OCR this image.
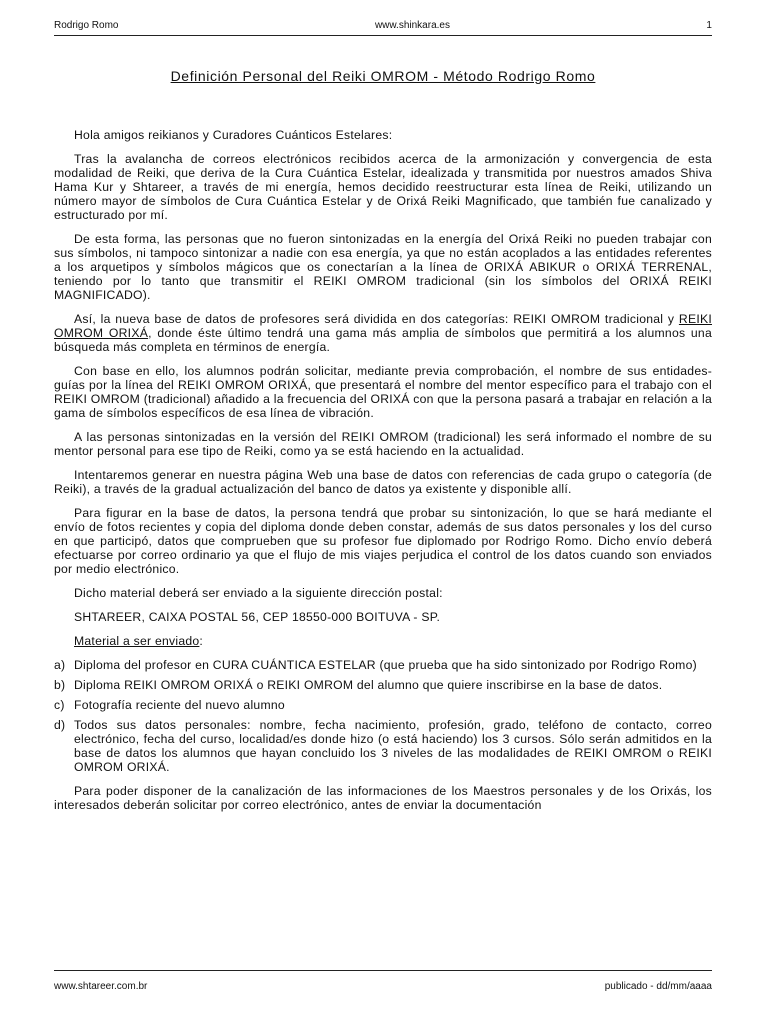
Rodrigo Romo	www.shinkara.es	1
Definición Personal del Reiki OMROM - Método Rodrigo Romo

Hola amigos reikianos y Curadores Cuánticos Estelares:

Tras la avalancha de correos electrónicos recibidos acerca de la armonización y convergencia de esta modalidad de Reiki, que deriva de la Cura Cuántica Estelar, idealizada y transmitida por nuestros amados Shiva Hama Kur y Shtareer, a través de mi energía, hemos decidido reestructurar esta línea de Reiki, utilizando un número mayor de símbolos de Cura Cuántica Estelar y de Orixá Reiki Magnificado, que también fue canalizado y estructurado por mí.

De esta forma, las personas que no fueron sintonizadas en la energía del Orixá Reiki no pueden trabajar con sus símbolos, ni tampoco sintonizar a nadie con esa energía, ya que no están acoplados a las entidades referentes a los arquetipos y símbolos mágicos que os conectarían a la línea de ORIXÁ ABIKUR o ORIXÁ TERRENAL, teniendo por lo tanto que transmitir el REIKI OMROM tradicional (sin los símbolos del ORIXÁ REIKI MAGNIFICADO).

Así, la nueva base de datos de profesores será dividida en dos categorías: REIKI OMROM tradicional y REIKI OMROM ORIXÁ, donde éste último tendrá una gama más amplia de símbolos que permitirá a los alumnos una búsqueda más completa en términos de energía.

Con base en ello, los alumnos podrán solicitar, mediante previa comprobación, el nombre de sus entidades-guías por la línea del REIKI OMROM ORIXÁ, que presentará el nombre del mentor específico para el trabajo con el REIKI OMROM (tradicional) añadido a la frecuencia del ORIXÁ con que la persona pasará a trabajar en relación a la gama de símbolos específicos de esa línea de vibración.

A las personas sintonizadas en la versión del REIKI OMROM (tradicional) les será informado el nombre de su mentor personal para ese tipo de Reiki, como ya se está haciendo en la actualidad.

Intentaremos generar en nuestra página Web una base de datos con referencias de cada grupo o categoría (de Reiki), a través de la gradual actualización del banco de datos ya existente y disponible allí.

Para figurar en la base de datos, la persona tendrá que probar su sintonización, lo que se hará mediante el envío de fotos recientes y copia del diploma donde deben constar, además de sus datos personales y los del curso en que participó, datos que comprueben que su profesor fue diplomado por Rodrigo Romo. Dicho envío deberá efectuarse por correo ordinario ya que el flujo de mis viajes perjudica el control de los datos cuando son enviados por medio electrónico.

Dicho material deberá ser enviado a la siguiente dirección postal:

SHTAREER, CAIXA POSTAL 56, CEP 18550-000 BOITUVA - SP.

Material a ser enviado:

a) Diploma del profesor en CURA CUÁNTICA ESTELAR (que prueba que ha sido sintonizado por Rodrigo Romo)
b) Diploma REIKI OMROM ORIXÁ o REIKI OMROM del alumno que quiere inscribirse en la base de datos.
c) Fotografía reciente del nuevo alumno
d) Todos sus datos personales: nombre, fecha nacimiento, profesión, grado, teléfono de contacto, correo electrónico, fecha del curso, localidad/es donde hizo (o está haciendo) los 3 cursos. Sólo serán admitidos en la base de datos los alumnos que hayan concluido los 3 niveles de las modalidades de REIKI OMROM o REIKI OMROM ORIXÁ.

Para poder disponer de la canalización de las informaciones de los Maestros personales y de los Orixás, los interesados deberán solicitar por correo electrónico, antes de enviar la documentación

www.shtareer.com.br	publicado - dd/mm/aaaa
